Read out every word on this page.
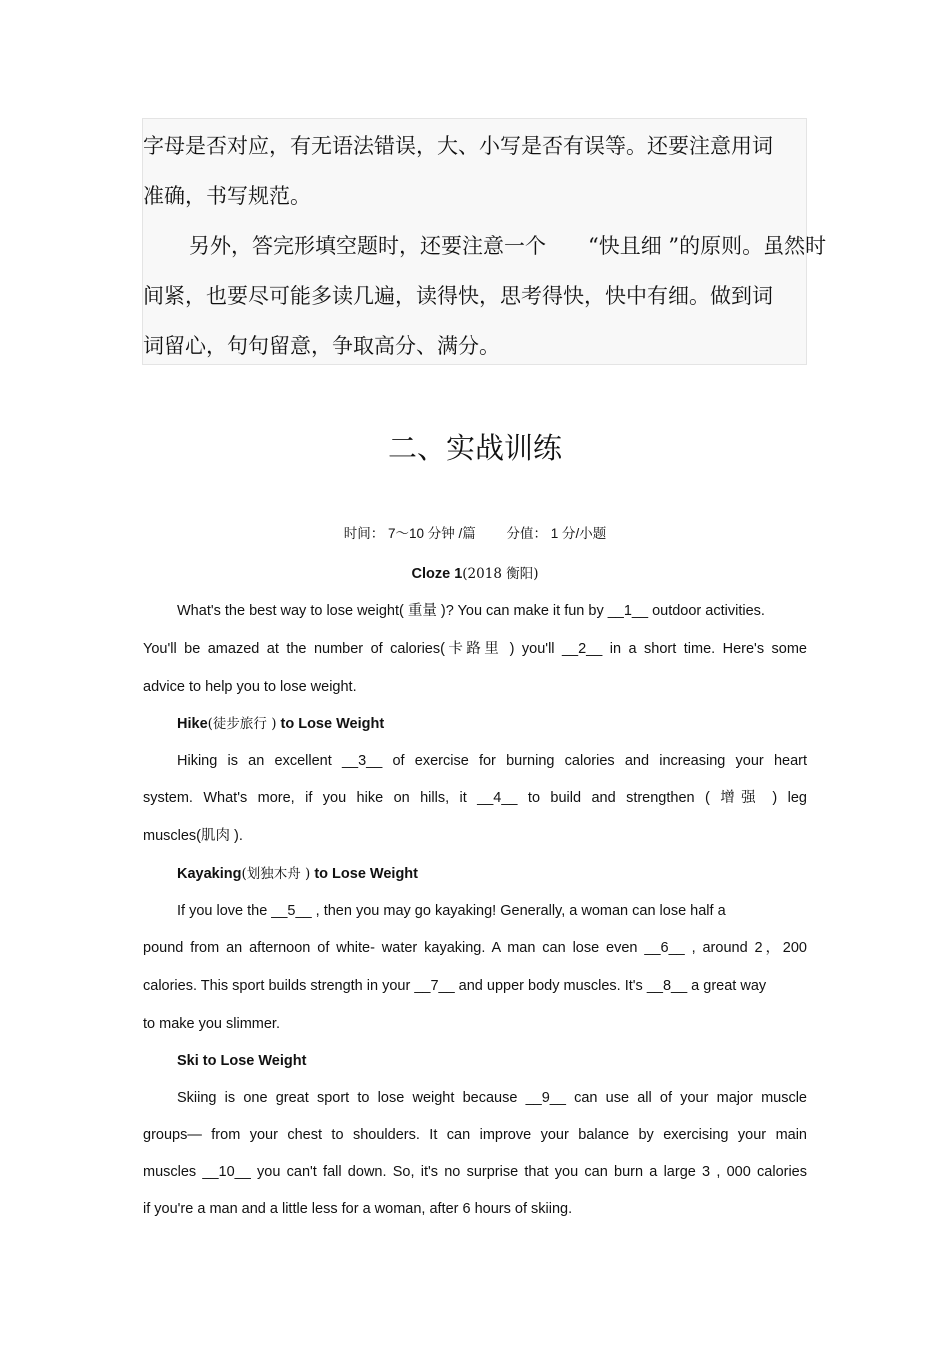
字母是否对应，有无语法错误，大、小写是否有误等。还要注意用词

准确，书写规范。

另外，答完形填空题时，还要注意一个　　“快且细 ”的原则。虽然时

间紧，也要尽可能多读几遍，读得快，思考得快，快中有细。做到词

词留心，句句留意，争取高分、满分。

二、实战训练

时间： 7～10 分钟 /篇　　 分值： 1 分/小题

Cloze 1(2018 衡阳)

What's the best way to lose weight( 重量 )? You can make it fun by __1__ outdoor activities.

You'll be amazed at the number of calories(卡路里 ) you'll __2__ in a short time. Here's some

advice to help you to lose weight.

Hike(徒步旅行 ) to Lose Weight

Hiking is an excellent __3__ of exercise for burning calories and increasing your heart

system. What's more, if you hike on hills, it __4__ to build and strengthen ( 增强 ) leg

muscles(肌肉 ).

Kayaking(划独木舟 ) to Lose Weight

If you love the __5__ , then you may go kayaking! Generally, a woman can lose half a

pound from an afternoon of white- water kayaking. A man can lose even __6__ , around 2，200

calories. This sport builds strength in your __7__ and upper body muscles. It's __8__ a great way

to make you slimmer.

Ski to Lose Weight

Skiing is one great sport to lose weight because __9__ can use all of your major muscle

groups— from your chest to shoulders. It can improve your balance by exercising your main

muscles __10__ you can't fall down. So, it's no surprise that you can burn a large 3 , 000 calories

if you're a man and a little less for a woman, after 6 hours of skiing.
